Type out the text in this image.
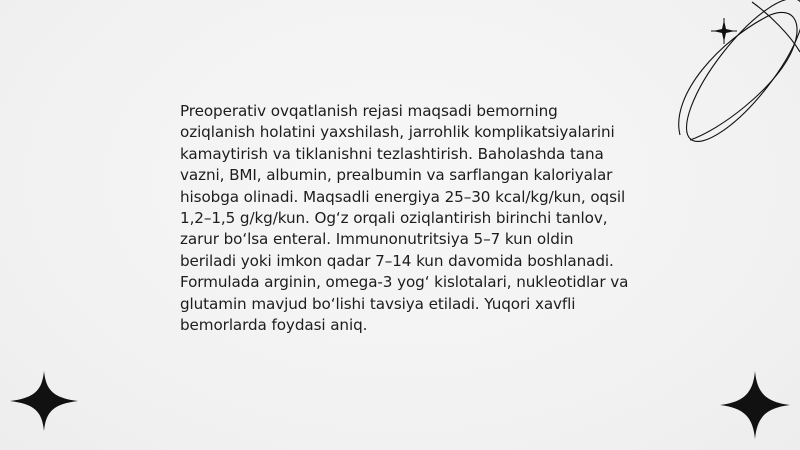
Preoperativ ovqatlanish rejasi maqsadi bemorning oziqlanish holatini yaxshilash, jarrohlik komplikatsiyalarini kamaytirish va tiklanishni tezlashtirish. Baholashda tana vazni, BMI, albumin, prealbumin va sarflangan kaloriyalar hisobga olinadi. Maqsadli energiya 25–30 kcal/kg/kun, oqsil 1,2–1,5 g/kg/kun. Og‘z orqali oziqlantirish birinchi tanlov, zarur bo‘lsa enteral. Immunonutritsiya 5–7 kun oldin beriladi yoki imkon qadar 7–14 kun davomida boshlanadi. Formulada arginin, omega-3 yog‘ kislotalari, nukleotidlar va glutamin mavjud bo‘lishi tavsiya etiladi. Yuqori xavfli bemorlarda foydasi aniq.
